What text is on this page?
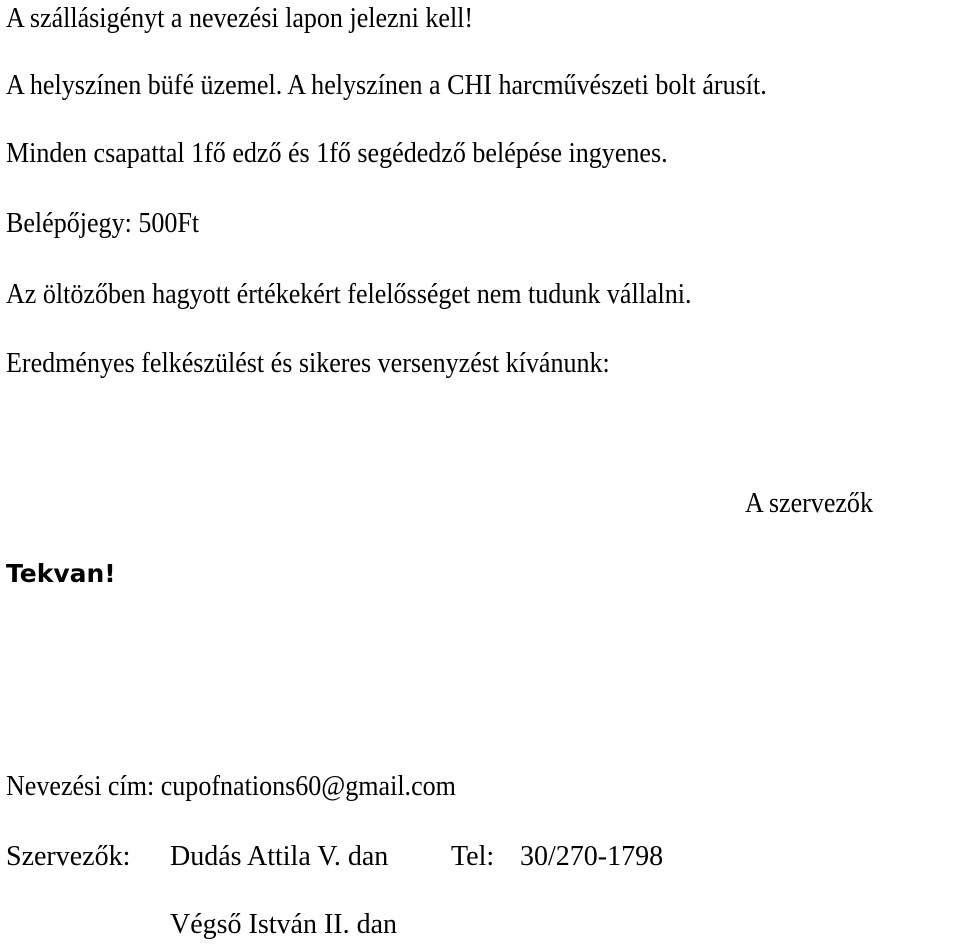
A szállásigényt a nevezési lapon jelezni kell!

A helyszínen büfé üzemel. A helyszínen a CHI harcművészeti bolt árusít.

Minden csapattal 1fő edző és 1fő segédedző belépése ingyenes.

Belépőjegy: 500Ft

Az öltözőben hagyott értékekért felelősséget nem tudunk vállalni.

Eredményes felkészülést és sikeres versenyzést kívánunk:

A szervezők
Tekvan!
Nevezési cím: cupofnations60@gmail.com
Szervezők: Dudás Attila V. dan Tel: 30/270-1798
Végső István II. dan
